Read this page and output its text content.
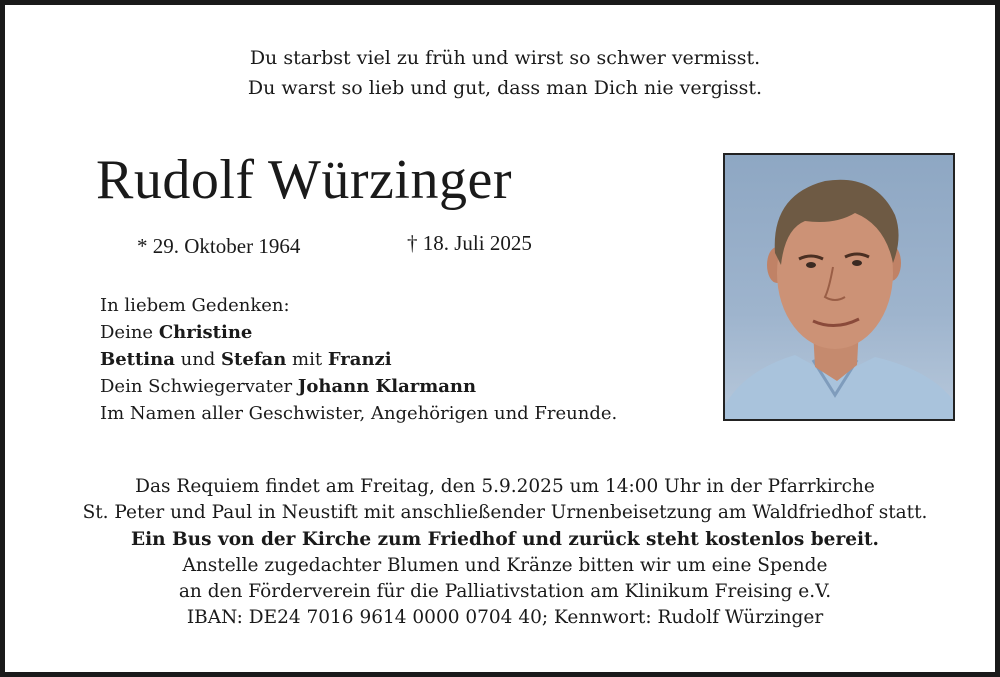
Du starbst viel zu früh und wirst so schwer vermisst.
Du warst so lieb und gut, dass man Dich nie vergisst.
Rudolf Würzinger
* 29. Oktober 1964	† 18. Juli 2025
In liebem Gedenken:
Deine Christine
Bettina und Stefan mit Franzi
Dein Schwiegervater Johann Klarmann
Im Namen aller Geschwister, Angehörigen und Freunde.
Das Requiem findet am Freitag, den 5.9.2025 um 14:00 Uhr in der Pfarrkirche
St. Peter und Paul in Neustift mit anschließender Urnenbeisetzung am Waldfriedhof statt.
Ein Bus von der Kirche zum Friedhof und zurück steht kostenlos bereit.
Anstelle zugedachter Blumen und Kränze bitten wir um eine Spende
an den Förderverein für die Palliativstation am Klinikum Freising e.V.
IBAN: DE24 7016 9614 0000 0704 40; Kennwort: Rudolf Würzinger
